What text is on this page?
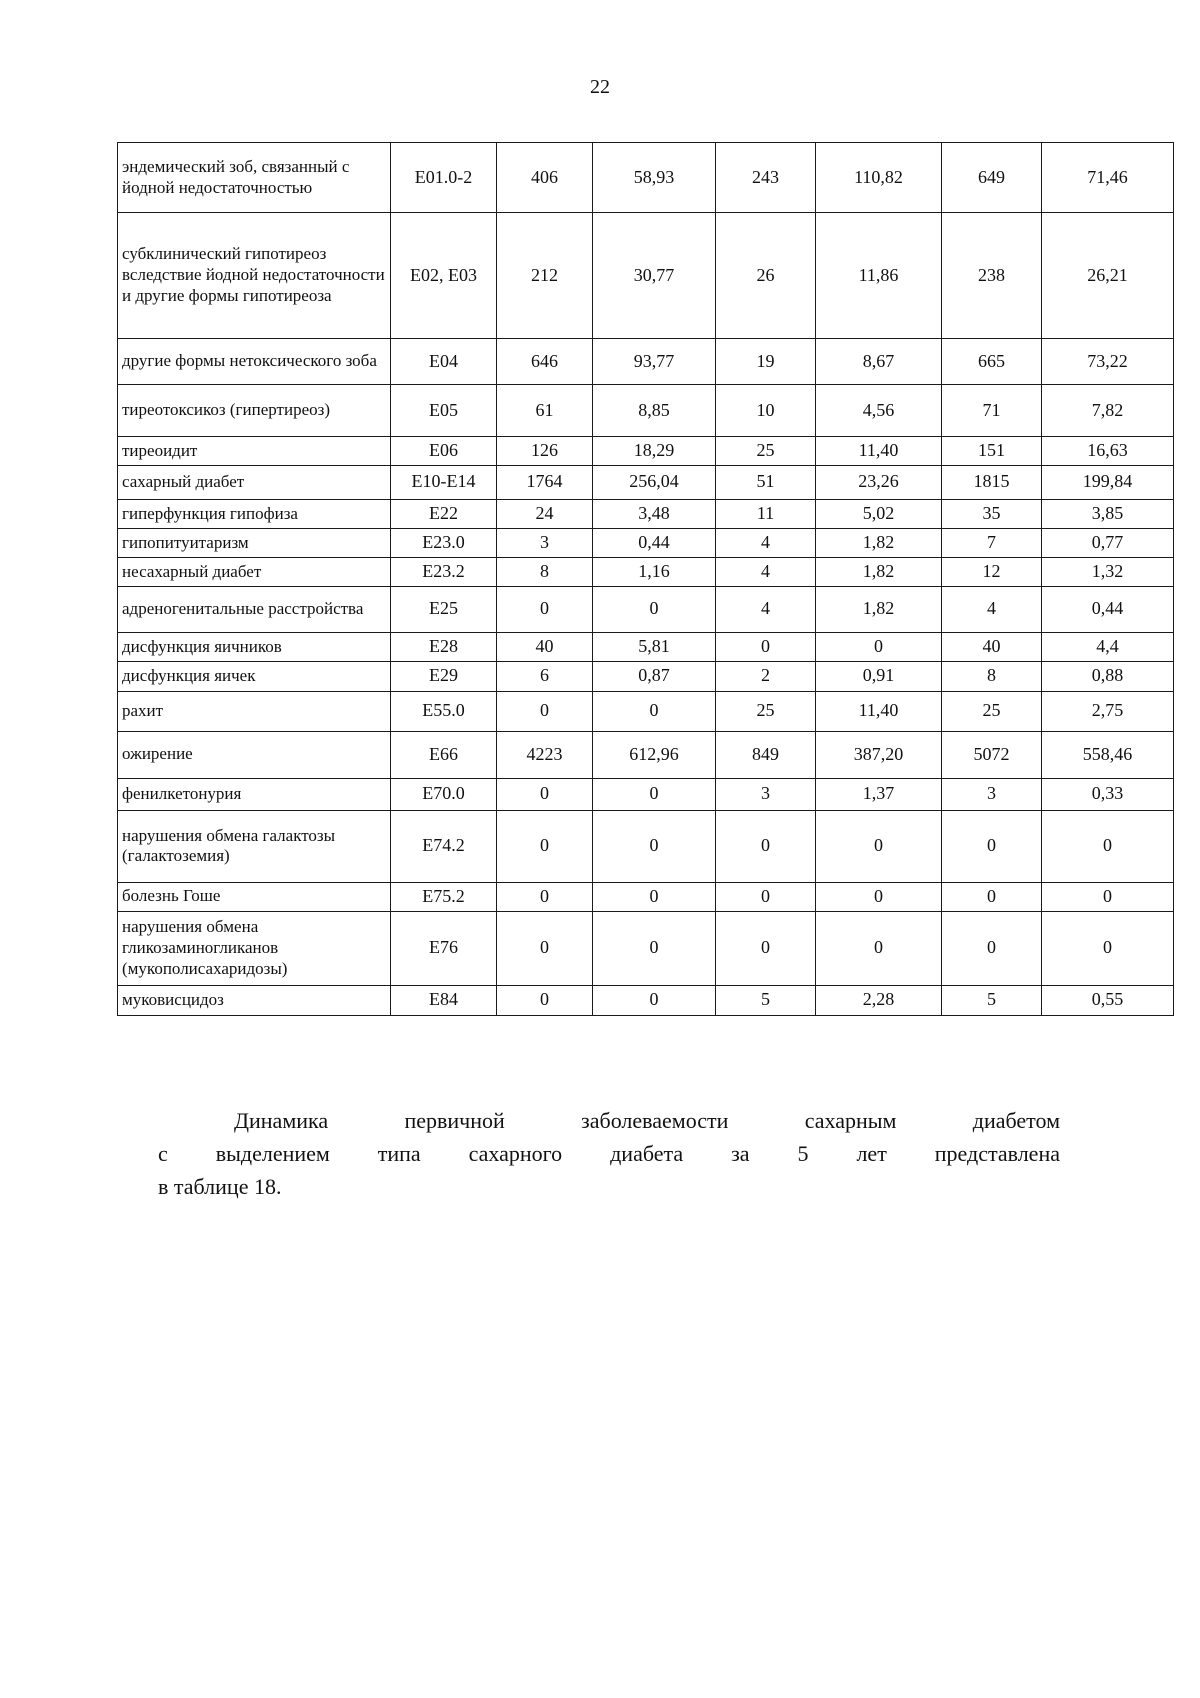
22
эндемический зоб, связанный с йодной недостаточностью	E01.0-2	406	58,93	243	110,82	649	71,46
субклинический гипотиреоз вследствие йодной недостаточности и другие формы гипотиреоза	E02, E03	212	30,77	26	11,86	238	26,21
другие формы нетоксического зоба	E04	646	93,77	19	8,67	665	73,22
тиреотоксикоз (гипертиреоз)	E05	61	8,85	10	4,56	71	7,82
тиреоидит	E06	126	18,29	25	11,40	151	16,63
сахарный диабет	E10-E14	1764	256,04	51	23,26	1815	199,84
гиперфункция гипофиза	E22	24	3,48	11	5,02	35	3,85
гипопитуитаризм	E23.0	3	0,44	4	1,82	7	0,77
несахарный диабет	E23.2	8	1,16	4	1,82	12	1,32
адреногенитальные расстройства	E25	0	0	4	1,82	4	0,44
дисфункция яичников	E28	40	5,81	0	0	40	4,4
дисфункция яичек	E29	6	0,87	2	0,91	8	0,88
рахит	E55.0	0	0	25	11,40	25	2,75
ожирение	E66	4223	612,96	849	387,20	5072	558,46
фенилкетонурия	E70.0	0	0	3	1,37	3	0,33
нарушения обмена галактозы (галактоземия)	E74.2	0	0	0	0	0	0
болезнь Гоше	E75.2	0	0	0	0	0	0
нарушения обмена гликозаминогликанов (мукополисахаридозы)	E76	0	0	0	0	0	0
муковисцидоз	E84	0	0	5	2,28	5	0,55
Динамика первичной заболеваемости сахарным диабетом
с выделением типа сахарного диабета за 5 лет представлена
в таблице 18.
